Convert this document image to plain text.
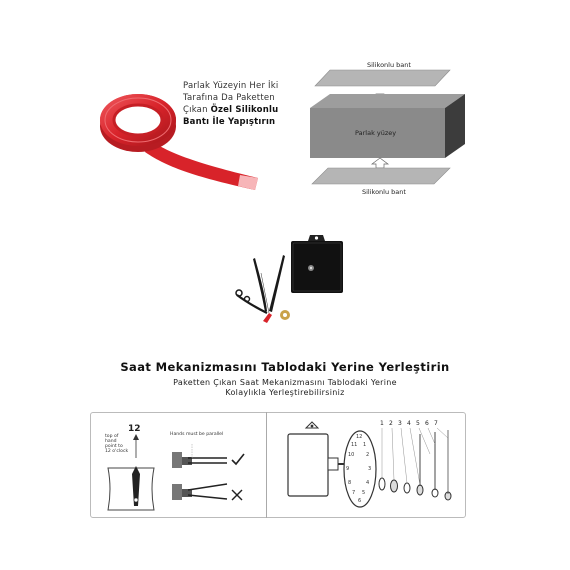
Parlak Yüzeyin Her İki
Tarafına Da Paketten
Çıkan Özel Silikonlu
Bantı İle Yapıştırın
Silikonlu bant
Parlak yüzey
Silikonlu bant
Saat Mekanizmasını Tablodaki Yerine Yerleştirin
Paketten Çıkan Saat Mekanizmasını Tablodaki Yerine
Kolaylıkla Yerleştirebilirsiniz
12
top of hand point to 12 o'clock
Hands must be parallel	12
1
2
3
4
5
6
7
8
9
10
11
1 2 3 4 5 6 7
